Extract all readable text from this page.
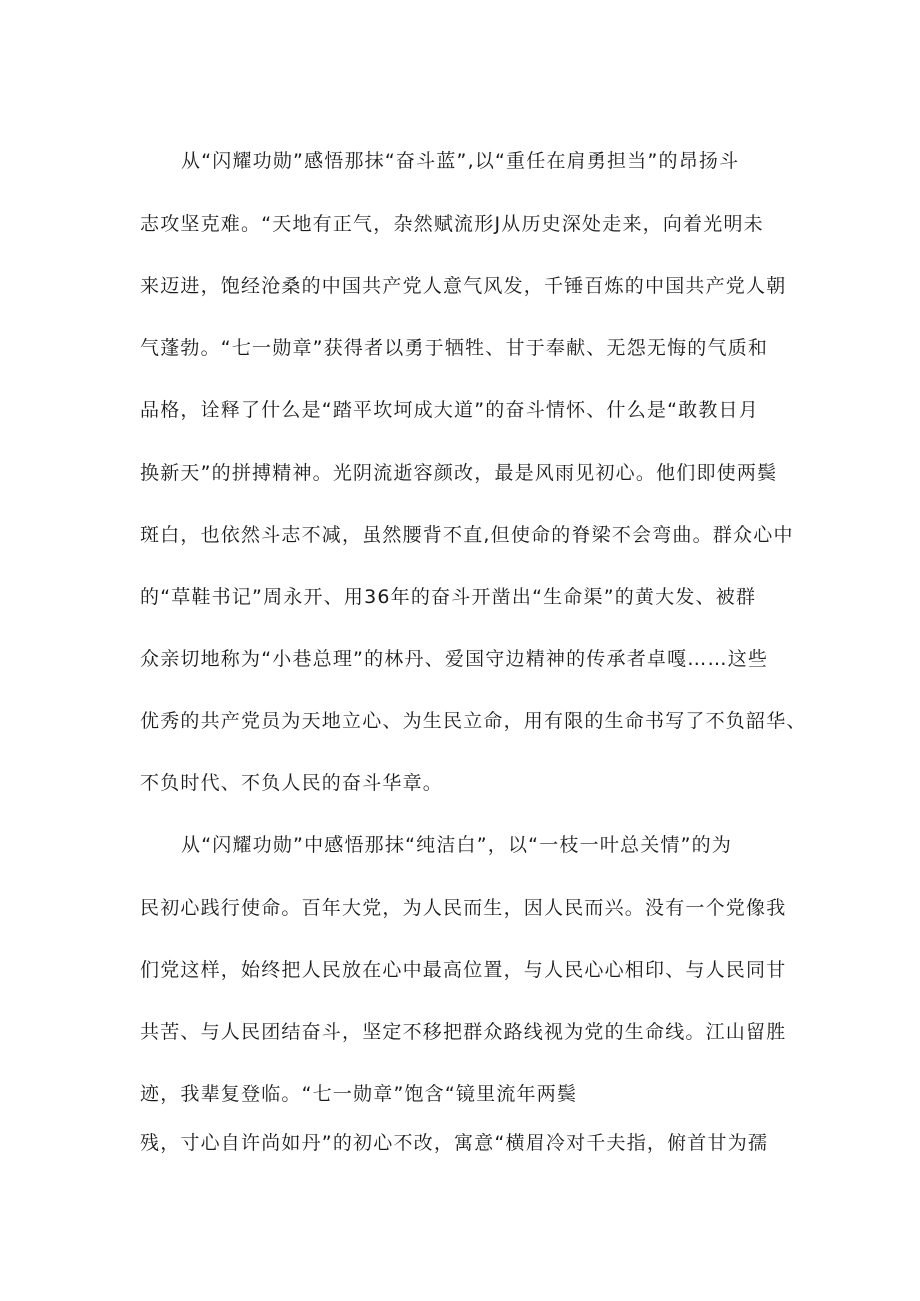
从“闪耀功勋”感悟那抹“奋斗蓝”,以“重任在肩勇担当”的昂扬斗
志攻坚克难。“天地有正气，杂然赋流形J从历史深处走来，向着光明未
来迈进，饱经沧桑的中国共产党人意气风发，千锤百炼的中国共产党人朝
气蓬勃。“七一勋章”获得者以勇于牺牲、甘于奉献、无怨无悔的气质和
品格，诠释了什么是“踏平坎坷成大道”的奋斗情怀、什么是“敢教日月
换新天”的拼搏精神。光阴流逝容颜改，最是风雨见初心。他们即使两鬓
斑白，也依然斗志不减，虽然腰背不直,但使命的脊梁不会弯曲。群众心中
的“草鞋书记”周永开、用36年的奋斗开凿出“生命渠”的黄大发、被群
众亲切地称为“小巷总理”的林丹、爱国守边精神的传承者卓嘎……这些
优秀的共产党员为天地立心、为生民立命，用有限的生命书写了不负韶华、
不负时代、不负人民的奋斗华章。
从“闪耀功勋”中感悟那抹“纯洁白”，以“一枝一叶总关情”的为
民初心践行使命。百年大党，为人民而生，因人民而兴。没有一个党像我
们党这样，始终把人民放在心中最高位置，与人民心心相印、与人民同甘
共苦、与人民团结奋斗，坚定不移把群众路线视为党的生命线。江山留胜
迹，我辈复登临。“七一勋章”饱含“镜里流年两鬓
残，寸心自许尚如丹”的初心不改，寓意“横眉冷对千夫指，俯首甘为孺
